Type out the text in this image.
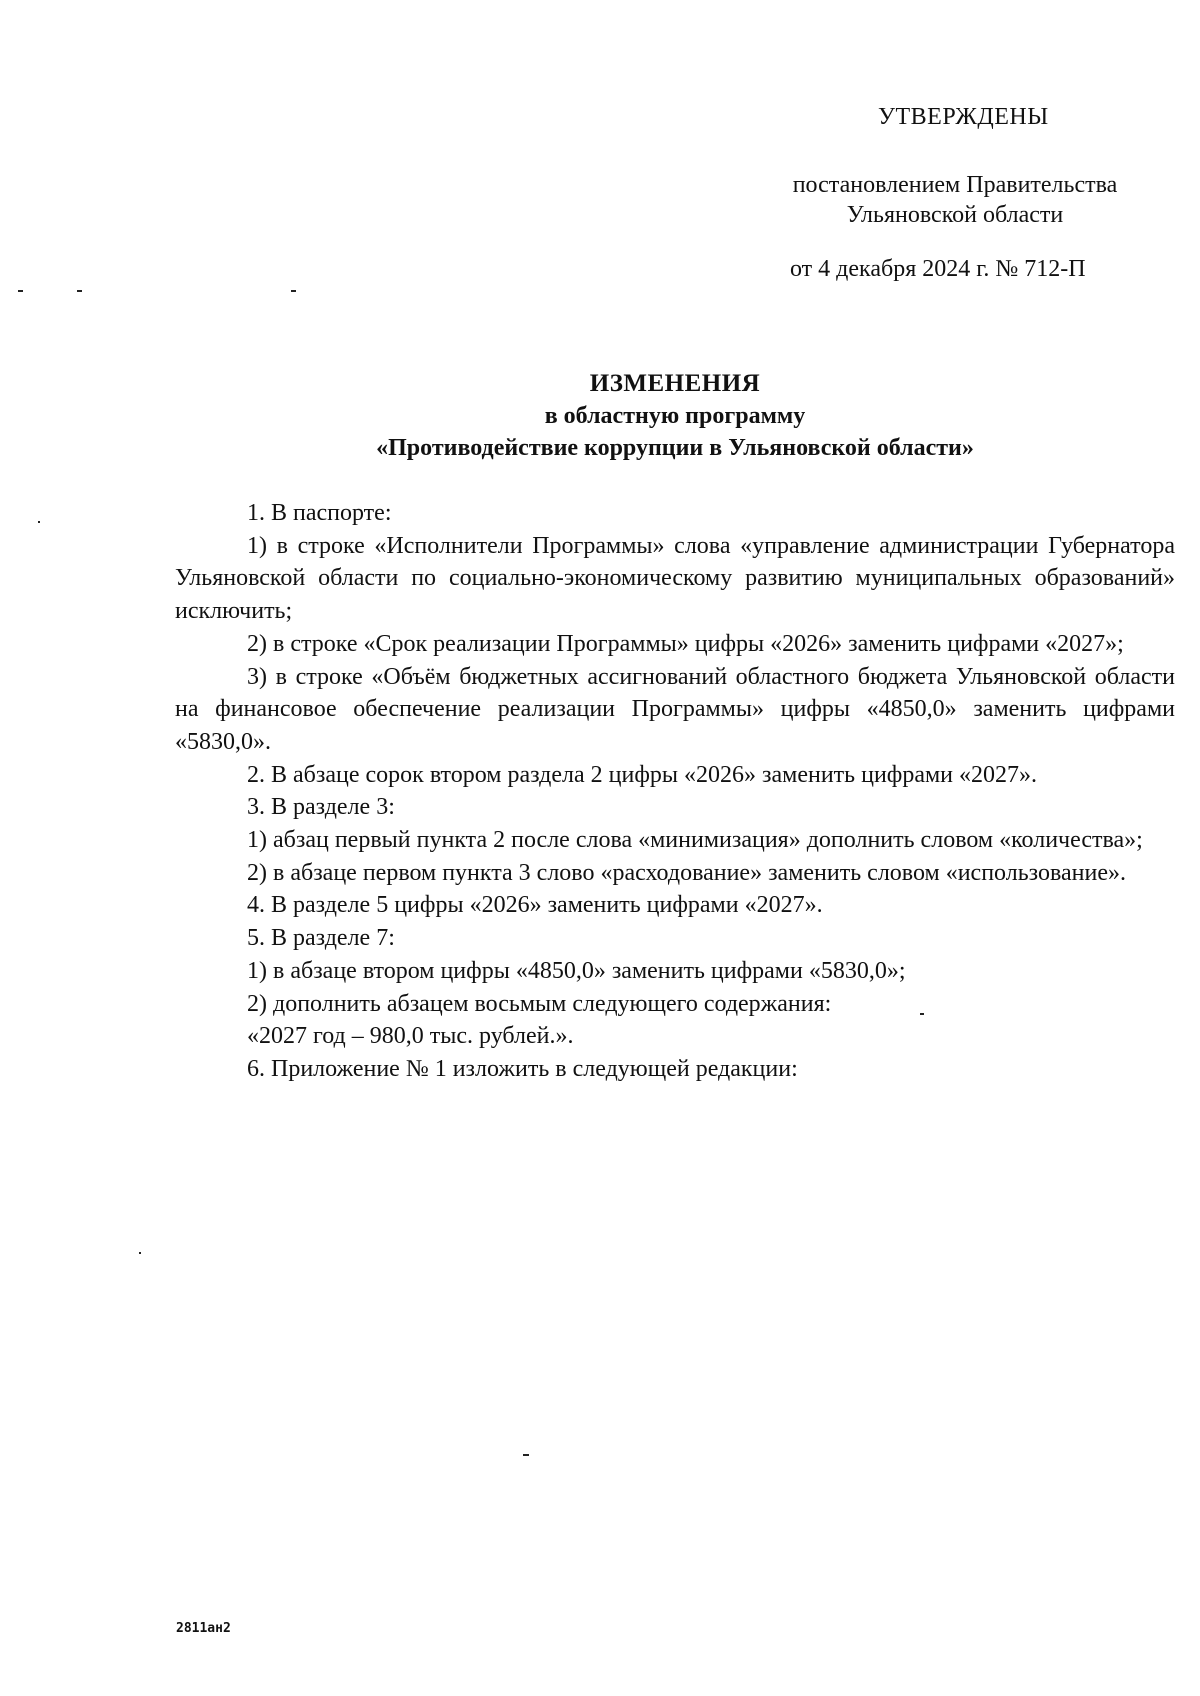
УТВЕРЖДЕНЫ
постановлением Правительства
Ульяновской области
от 4 декабря 2024 г. № 712-П
ИЗМЕНЕНИЯ
в областную программу
«Противодействие коррупции в Ульяновской области»

1. В паспорте:

1) в строке «Исполнители Программы» слова «управление администрации Губернатора Ульяновской области по социально-экономическому развитию муниципальных образований» исключить;

2) в строке «Срок реализации Программы» цифры «2026» заменить цифрами «2027»;

3) в строке «Объём бюджетных ассигнований областного бюджета Ульяновской области на финансовое обеспечение реализации Программы» цифры «4850,0» заменить цифрами «5830,0».

2. В абзаце сорок втором раздела 2 цифры «2026» заменить цифрами «2027».

3. В разделе 3:

1) абзац первый пункта 2 после слова «минимизация» дополнить словом «количества»;

2) в абзаце первом пункта 3 слово «расходование» заменить словом «использование».

4. В разделе 5 цифры «2026» заменить цифрами «2027».

5. В разделе 7:

1) в абзаце втором цифры «4850,0» заменить цифрами «5830,0»;

2) дополнить абзацем восьмым следующего содержания:

«2027 год – 980,0 тыс. рублей.».

6. Приложение № 1 изложить в следующей редакции:

2811ан2
